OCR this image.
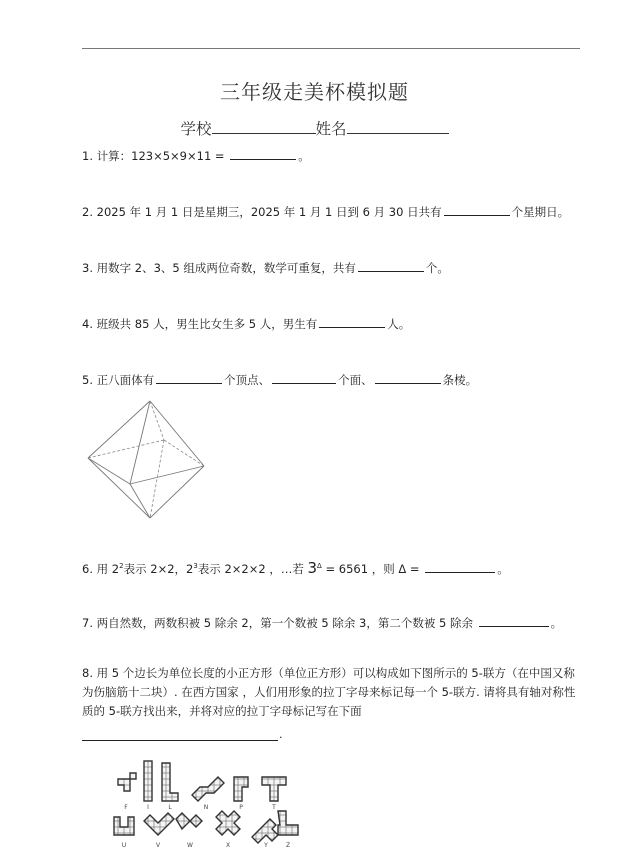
三年级走美杯模拟题
学校	姓名
1. 计算：123×5×9×11 =	。
2. 2025 年 1 月 1 日是星期三，2025 年 1 月 1 日到 6 月 30 日共有	个星期日。
3. 用数字 2、3、5 组成两位奇数，数学可重复，共有	个。
4. 班级共 85 人，男生比女生多 5 人，男生有	人。
5. 正八面体有	个顶点、	个面、	条棱。
6. 用 $2^2$表示 2×2，$2^3$表示 2×2×2 ，…若 $3^\Delta = 6561$ ，则 Δ =	。
7. 两自然数，两数积被 5 除余 2，第一个数被 5 除余 3，第二个数被 5 除余	。
8. 用 5 个边长为单位长度的小正方形（单位正方形）可以构成如下图所示的 5-联方（在中国又称为伤脑筋十二块）. 在西方国家 ，人们用形象的拉丁字母来标记每一个 5-联方. 请将具有轴对称性质的 5-联方找出来，并将对应的拉丁字母标记写在下面
.
F	I	L	N	P	T
U	V	W	X	Y	Z
